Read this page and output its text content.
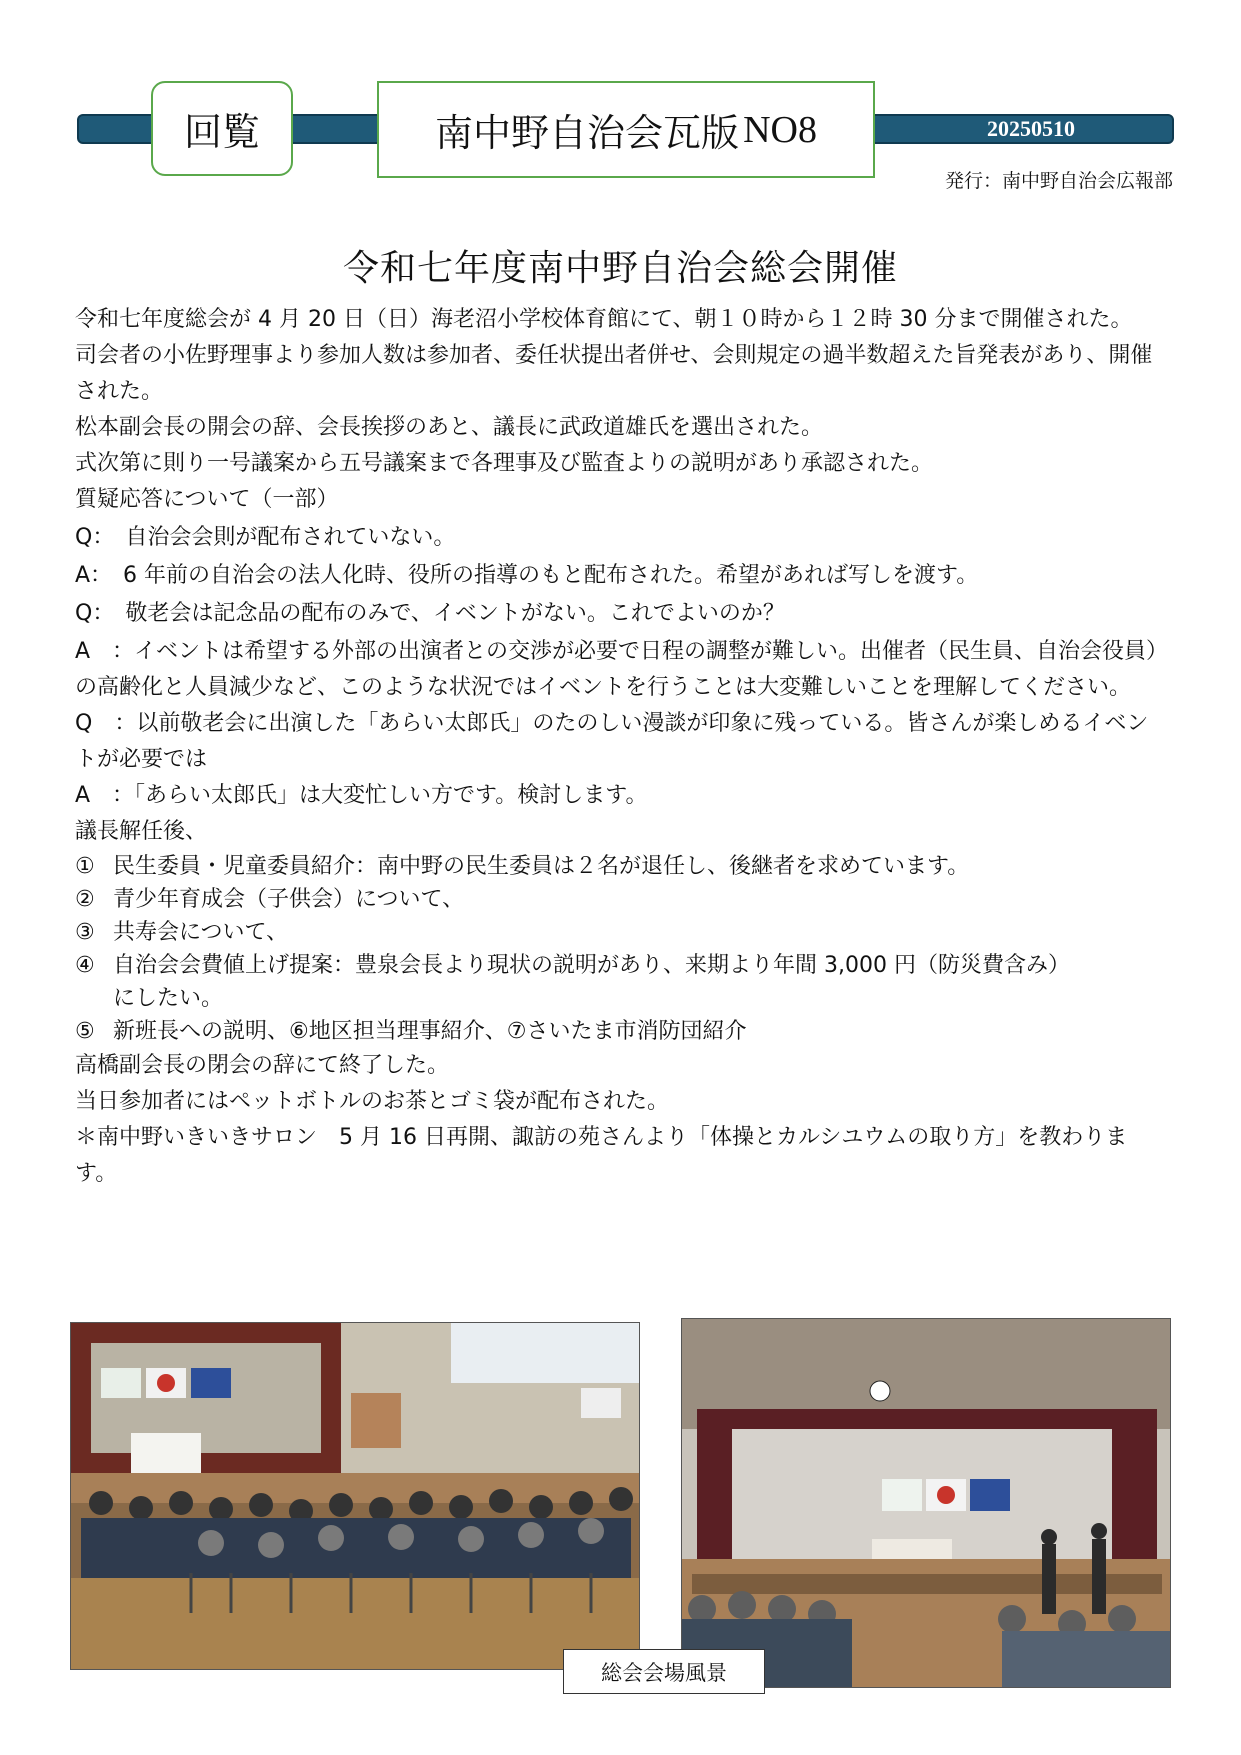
20250510
回覧	南中野自治会瓦版 NO8
発行：南中野自治会広報部
令和七年度南中野自治会総会開催

令和七年度総会が 4 月 20 日（日）海老沼小学校体育館にて、朝１０時から１２時 30 分まで開催された。

司会者の小佐野理事より参加人数は参加者、委任状提出者併せ、会則規定の過半数超えた旨発表があり、開催された。

松本副会長の開会の辞、会長挨拶のあと、議長に武政道雄氏を選出された。

式次第に則り一号議案から五号議案まで各理事及び監査よりの説明があり承認された。

質疑応答について（一部）

Q：　自治会会則が配布されていない。

A：　6 年前の自治会の法人化時、役所の指導のもと配布された。希望があれば写しを渡す。

Q：　敬老会は記念品の配布のみで、イベントがない。これでよいのか？

A　：イベントは希望する外部の出演者との交渉が必要で日程の調整が難しい。出催者（民生員、自治会役員）の高齢化と人員減少など、このような状況ではイベントを行うことは大変難しいことを理解してください。

Q　：以前敬老会に出演した「あらい太郎氏」のたのしい漫談が印象に残っている。皆さんが楽しめるイベントが必要では

A　：「あらい太郎氏」は大変忙しい方です。検討します。

議長解任後、

① 民生委員・児童委員紹介：南中野の民生委員は２名が退任し、後継者を求めています。

② 青少年育成会（子供会）について、

③ 共寿会について、

④ 自治会会費値上げ提案：豊泉会長より現状の説明があり、来期より年間 3,000 円（防災費含み）

にしたい。

⑤ 新班長への説明、⑥地区担当理事紹介、⑦さいたま市消防団紹介

高橋副会長の閉会の辞にて終了した。

当日参加者にはペットボトルのお茶とゴミ袋が配布された。

＊南中野いきいきサロン　5 月 16 日再開、諏訪の苑さんより「体操とカルシユウムの取り方」を教わります。

総会会場風景
